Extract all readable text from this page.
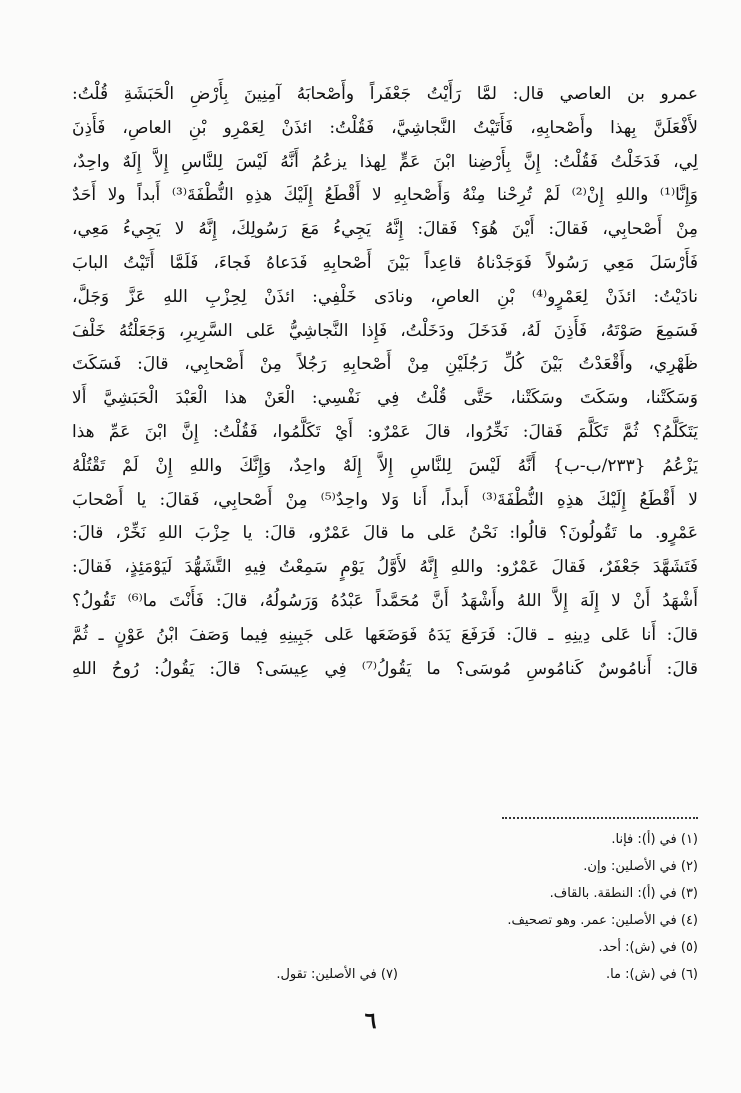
عمرو بن العاصي قال: لمَّا رَأَيْتُ جَعْفَراً وأَصْحابَهُ آمِنِينَ بِأَرْضِ الْحَبَشَةِ قُلْتُ:
لأَفْعَلَنَّ بِهذا وأَصْحابِهِ، فَأَتَيْتُ النَّجاشِيَّ، فَقُلْتُ: ائذَنْ لِعَمْرِو بْنِ العاصِ، فَأَذِنَ
لِي، فَدَخَلْتُ فَقُلْتُ: إِنَّ بِأَرْضِنا ابْنَ عَمٍّ لِهذا يزعُمُ أَنَّهُ لَيْسَ لِلنَّاسِ إِلاَّ إِلَهٌ واحِدٌ،
وَإِنَّا⁽¹⁾ واللهِ إِنْ⁽²⁾ لَمْ تُرِحْنا مِنْهُ وَأَصْحابِهِ لا أَقْطَعُ إِلَيْكَ هذِهِ النُّطْفَةَ⁽³⁾ أَبداً ولا أَحَدٌ
مِنْ أَصْحابِي، فَقالَ: أَيْنَ هُوَ؟ فَقالَ: إِنَّهُ يَجِيءُ مَعَ رَسُولِكَ، إِنَّهُ لا يَجِيءُ مَعِي،
فَأَرْسَلَ مَعِي رَسُولاً فَوَجَدْناهُ قاعِداً بَيْنَ أَصْحابِهِ فَدَعاهُ فَجاءَ، فَلَمَّا أَتَيْتُ البابَ
نادَيْتُ: ائذَنْ لِعَمْرٍو⁽⁴⁾ بْنِ العاصِ، ونادَى خَلْفِي: ائذَنْ لِحِزْبِ اللهِ عَزَّ وَجَلَّ،
فَسَمِعَ صَوْتَهُ، فَأَذِنَ لَهُ، فَدَخَلَ ودَخَلْتُ، فَإِذا النَّجاشِيُّ عَلى السَّرِيرِ، وَجَعَلْتُهُ خَلْفَ
ظَهْرِي، وأَقْعَدْتُ بَيْنَ كُلِّ رَجُلَيْنِ مِنْ أَصْحابِهِ رَجُلاً مِنْ أَصْحابِي، قالَ: فَسَكَتَ
وَسَكَتْنا، وسَكَتَ وسَكَتْنا، حَتَّى قُلْتُ فِي نَفْسِي: الْعَنْ هذا الْعَبْدَ الْحَبَشِيَّ أَلا
يَتَكَلَّمُ؟ ثُمَّ تَكَلَّمَ فَقالَ: نَخِّرُوا، قالَ عَمْرٌو: أَيْ تَكَلَّمُوا، فَقُلْتُ: إِنَّ ابْنَ عَمِّ هذا
يَزْعُمُ {٢٣٣/ب-ب} أَنَّهُ لَيْسَ لِلنَّاسِ إِلاَّ إِلَهٌ واحِدٌ، وَإِنَّكَ واللهِ إِنْ لَمْ تَقْتُلْهُ
لا أَقْطَعُ إِلَيْكَ هذِهِ النُّطْفَةَ⁽³⁾ أَبداً، أَنا وَلا واحِدٌ⁽⁵⁾ مِنْ أَصْحابِي، فَقالَ: يا أَصْحابَ
عَمْرٍو. ما تَقُولُونَ؟ قالُوا: نَحْنُ عَلى ما قالَ عَمْرٌو، قالَ: يا حِزْبَ اللهِ نَخِّرْ، قالَ:
فَتَشَهَّدَ جَعْفَرٌ، فَقالَ عَمْرٌو: واللهِ إِنَّهُ لأَوَّلُ يَوْمٍ سَمِعْتُ فِيهِ التَّشَهُّدَ لَيَوْمَئِذٍ، فَقالَ:
أَشْهَدُ أَنْ لا إِلَهَ إِلاَّ اللهُ وأَشْهَدُ أَنَّ مُحَمَّداً عَبْدُهُ وَرَسُولُهُ، قالَ: فَأَنْتَ ما⁽⁶⁾ تَقُولُ؟
قالَ: أَنا عَلى دِينِهِ ـ قالَ: فَرَفَعَ يَدَهُ فَوَضَعَها عَلى جَبِينِهِ فِيما وَصَفَ ابْنُ عَوْنٍ ـ ثُمَّ
قالَ: أَنامُوسٌ كَنامُوسِ مُوسَى؟ ما يَقُولُ⁽⁷⁾ فِي عِيسَى؟ قالَ: يَقُولُ: رُوحُ اللهِ
(١) في (أ): فإنا.
(٢) في الأصلين: وإن.
(٣) في (أ): النطقة. بالقاف.
(٤) في الأصلين: عمر. وهو تصحيف.
(٥) في (ش): أحد.
(٦) في (ش): ما.
(٧) في الأصلين: تقول.
٦
